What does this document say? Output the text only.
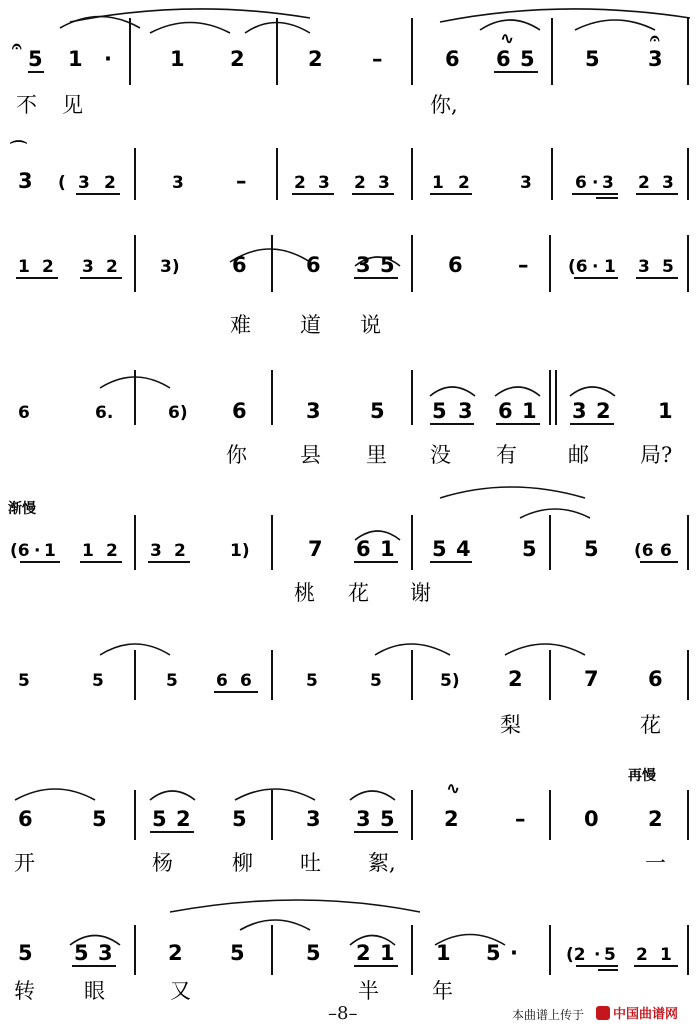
5 1 ·	1 2	2 –	6 6 5 5 3
𝄐	∿	𝄐
不 见	你,
3 ( 3 2	3 –	2 3 2 3 1 2	3	6 · 3 2 3
⌒
1 2 3 2 3) 6	6 3 5	6	– (6 · 1 3 5
难 道 说
6	6.	6) 6	3 5 5 3 6 1 3 2 1
你	县 里 没 有 邮 局?
渐慢
(6 · 1 1 2 3 2	1)	7 6 1 5 4 5 5 (6 6
桃 花 谢
5	5	5 6 6	5	5	5) 2	7 6
梨	花
再慢
6	5 5 2 5	3 3 5 2	–	0 2
∿
开	杨	柳 吐 絮,	一
5 5 3	2 5	5 2 1 1 5 ·	(2 · 5 2 1
转 眼	又	半	年
–8–	本曲谱上传于	中国曲谱网
